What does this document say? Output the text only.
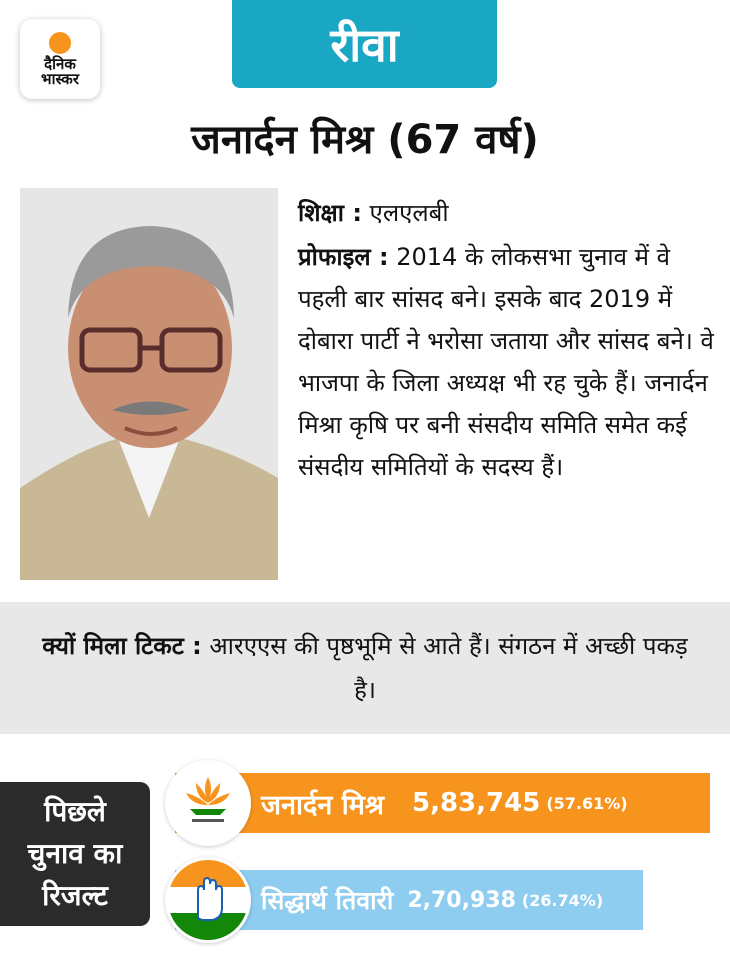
दैनिक
भास्कर
रीवा
जनार्दन मिश्र (67 वर्ष)

शिक्षा : एलएलबी

प्रोफाइल : 2014 के लोकसभा चुनाव में वे पहली बार सांसद बने। इसके बाद 2019 में दोबारा पार्टी ने भरोसा जताया और सांसद बने। वे भाजपा के जिला अध्यक्ष भी रह चुके हैं। जनार्दन मिश्रा कृषि पर बनी संसदीय समिति समेत कई संसदीय समितियों के सदस्य हैं।

क्यों मिला टिकट : आरएएस की पृष्ठभूमि से आते हैं। संगठन में अच्छी पकड़ है।

पिछले
चुनाव का
रिजल्ट
जनार्दन मिश्र 5,83,745 (57.61%)
सिद्धार्थ तिवारी 2,70,938 (26.74%)
